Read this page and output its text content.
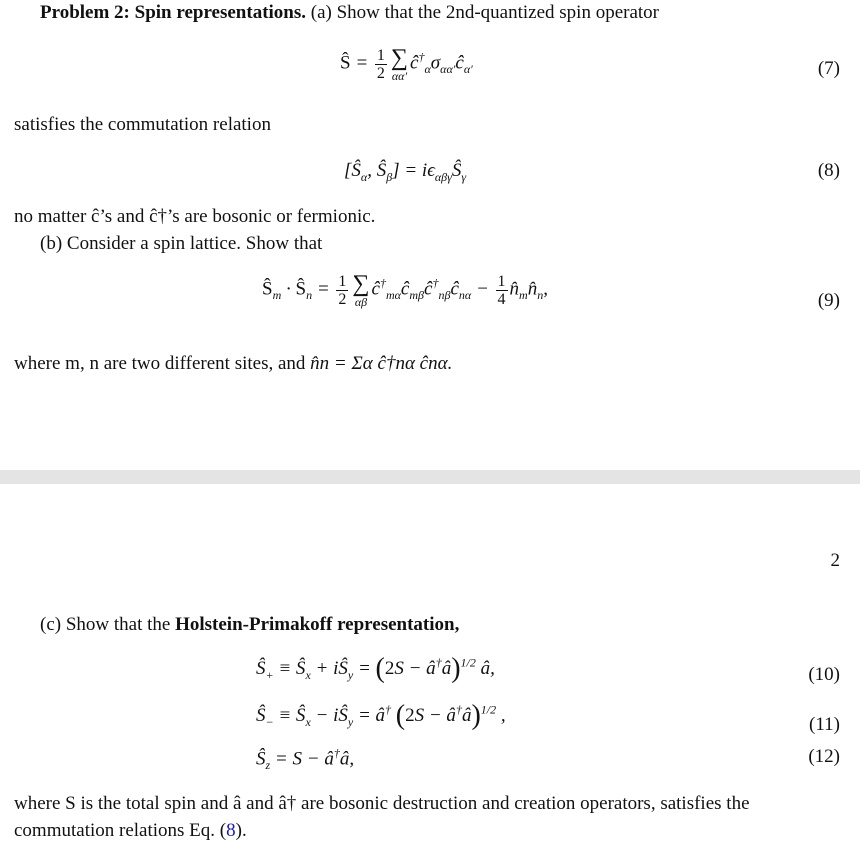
Problem 2: Spin representations. (a) Show that the 2nd-quantized spin operator
Ŝ = $\frac{1}{2}$ ∑
αα′
$ĉ^\dagger_\alpha\sigma_{\alpha\alpha'}ĉ_{\alpha'}$	(7)
satisfies the commutation relation
[$Ŝ_\alpha$, $Ŝ_\beta$] = $i\epsilon_{\alpha\beta\gamma}Ŝ_\gamma$	(8)
no matter ĉ’s and ĉ†’s are bosonic or fermionic.
(b) Consider a spin lattice. Show that
$Ŝ_m$ · $Ŝ_n = \frac{1}{2}$ ∑
αβ
$ĉ^\dagger_{m\alpha}ĉ_{m\beta}ĉ^\dagger_{n\beta}ĉ_{n\alpha} - \frac{1}{4}$ $n̂_mn̂_n$,
(9)
where m, n are two different sites, and n̂n = Σα ĉ†nα ĉnα.
2
(c) Show that the Holstein-Primakoff representation,
$Ŝ_+$ ≡ $Ŝ_x$ + $iŜ_y = (2S$ − â†â)$^{1/2}$ â,	(10)
$Ŝ_-$ ≡ $Ŝ_x$ − $iŜ_y$ = â† (2S − â†â)$^{1/2}$ ,	(11)
$Ŝ_z = S$ − â†â,	(12)
where S is the total spin and â and â† are bosonic destruction and creation operators, satisfies the
commutation relations Eq. (8).
